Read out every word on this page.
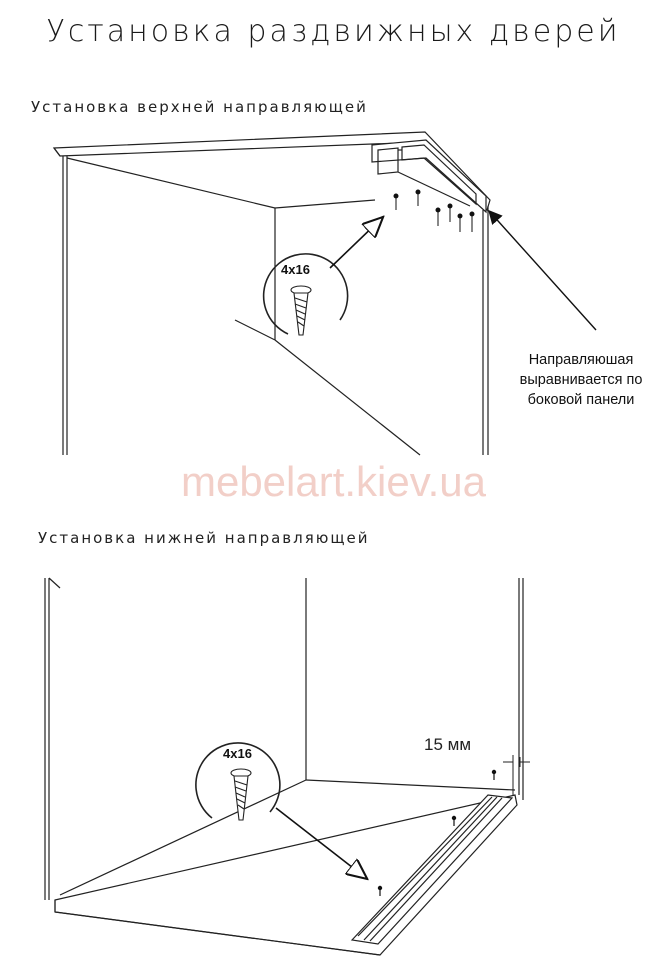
4x16
15 мм
4x16
Установка раздвижных дверей
Установка верхней направляющей
Направляюшая выравнивается по боковой панели
mebelart.kiev.ua
Установка нижней направляющей
